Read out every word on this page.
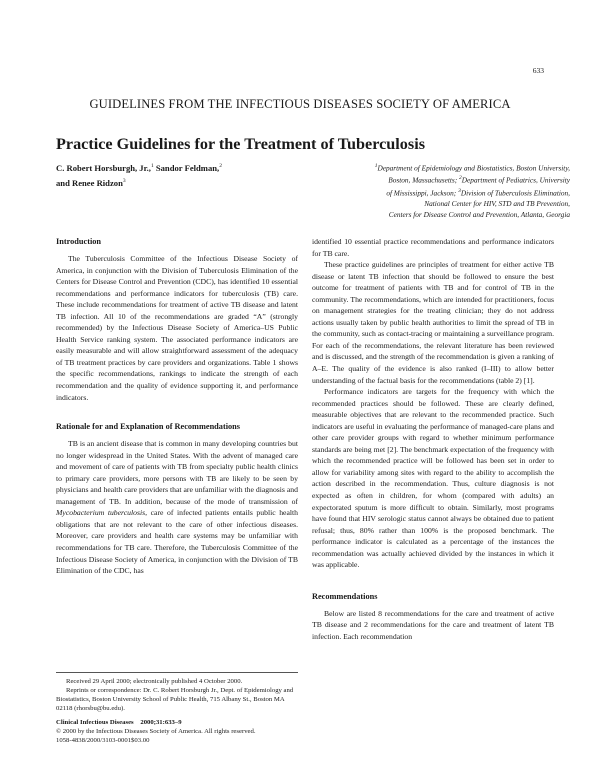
633
GUIDELINES FROM THE INFECTIOUS DISEASES SOCIETY OF AMERICA
Practice Guidelines for the Treatment of Tuberculosis
C. Robert Horsburgh, Jr.,$^1$ Sandor Feldman,$^2$
and Renee Ridzon$^3$
$^1$Department of Epidemiology and Biostatistics, Boston University,
Boston, Massachusetts; $^2$Department of Pediatrics, University
of Mississippi, Jackson; $^3$Division of Tuberculosis Elimination,
National Center for HIV, STD and TB Prevention,
Centers for Disease Control and Prevention, Atlanta, Georgia
Introduction

The Tuberculosis Committee of the Infectious Disease Society of America, in conjunction with the Division of Tuberculosis Elimination of the Centers for Disease Control and Prevention (CDC), has identified 10 essential recommendations and performance indicators for tuberculosis (TB) care. These include recommendations for treatment of active TB disease and latent TB infection. All 10 of the recommendations are graded “A” (strongly recommended) by the Infectious Disease Society of America–US Public Health Service ranking system. The associated performance indicators are easily measurable and will allow straightforward assessment of the adequacy of TB treatment practices by care providers and organizations. Table 1 shows the specific recommendations, rankings to indicate the strength of each recommendation and the quality of evidence supporting it, and performance indicators.

Rationale for and Explanation of Recommendations

TB is an ancient disease that is common in many developing countries but no longer widespread in the United States. With the advent of managed care and movement of care of patients with TB from specialty public health clinics to primary care providers, more persons with TB are likely to be seen by physicians and health care providers that are unfamiliar with the diagnosis and management of TB. In addition, because of the mode of transmission of Mycobacterium tuberculosis, care of infected patients entails public health obligations that are not relevant to the care of other infectious diseases. Moreover, care providers and health care systems may be unfamiliar with recommendations for TB care. Therefore, the Tuberculosis Committee of the Infectious Disease Society of America, in conjunction with the Division of TB Elimination of the CDC, has

identified 10 essential practice recommendations and performance indicators for TB care.

These practice guidelines are principles of treatment for either active TB disease or latent TB infection that should be followed to ensure the best outcome for treatment of patients with TB and for control of TB in the community. The recommendations, which are intended for practitioners, focus on management strategies for the treating clinician; they do not address actions usually taken by public health authorities to limit the spread of TB in the community, such as contact-tracing or maintaining a surveillance program. For each of the recommendations, the relevant literature has been reviewed and is discussed, and the strength of the recommendation is given a ranking of A–E. The quality of the evidence is also ranked (I–III) to allow better understanding of the factual basis for the recommendations (table 2) [1].

Performance indicators are targets for the frequency with which the recommended practices should be followed. These are clearly defined, measurable objectives that are relevant to the recommended practice. Such indicators are useful in evaluating the performance of managed-care plans and other care provider groups with regard to whether minimum performance standards are being met [2]. The benchmark expectation of the frequency with which the recommended practice will be followed has been set in order to allow for variability among sites with regard to the ability to accomplish the action described in the recommendation. Thus, culture diagnosis is not expected as often in children, for whom (compared with adults) an expectorated sputum is more difficult to obtain. Similarly, most programs have found that HIV serologic status cannot always be obtained due to patient refusal; thus, 80% rather than 100% is the proposed benchmark. The performance indicator is calculated as a percentage of the instances the recommendation was actually achieved divided by the instances in which it was applicable.

Recommendations

Below are listed 8 recommendations for the care and treatment of active TB disease and 2 recommendations for the care and treatment of latent TB infection. Each recommendation

Received 29 April 2000; electronically published 4 October 2000.

Reprints or correspondence: Dr. C. Robert Horsburgh Jr., Dept. of Epidemiology and Biostatistics, Boston University School of Public Health, 715 Albany St., Boston MA 02118 (rhorsbu@bu.edu).

Clinical Infectious Diseases 2000;31:633–9

© 2000 by the Infectious Diseases Society of America. All rights reserved.

1058-4838/2000/3103-0001$03.00
